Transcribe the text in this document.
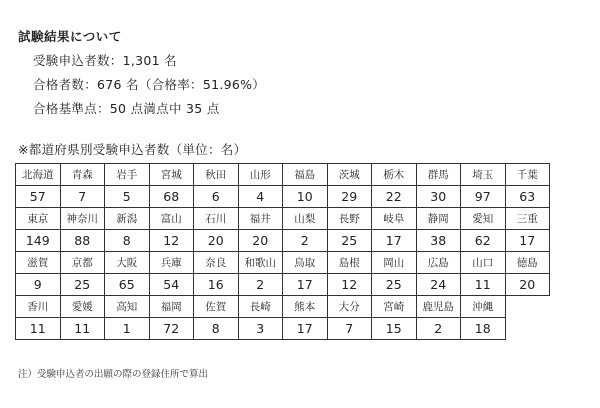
試験結果について
受験申込者数：1,301 名
合格者数：676 名（合格率：51.96%）
合格基準点：50 点満点中 35 点
※都道府県別受験申込者数（単位：名）
北海道	青森	岩手	宮城	秋田	山形	福島	茨城	栃木	群馬	埼玉	千葉
57	7	5	68	6	4	10	29	22	30	97	63
東京	神奈川	新潟	富山	石川	福井	山梨	長野	岐阜	静岡	愛知	三重
149	88	8	12	20	20	2	25	17	38	62	17
滋賀	京都	大阪	兵庫	奈良	和歌山	鳥取	島根	岡山	広島	山口	徳島
9	25	65	54	16	2	17	12	25	24	11	20
香川	愛媛	高知	福岡	佐賀	長崎	熊本	大分	宮崎	鹿児島	沖縄	
11	11	1	72	8	3	17	7	15	2	18	
注）受験申込者の出願の際の登録住所で算出
